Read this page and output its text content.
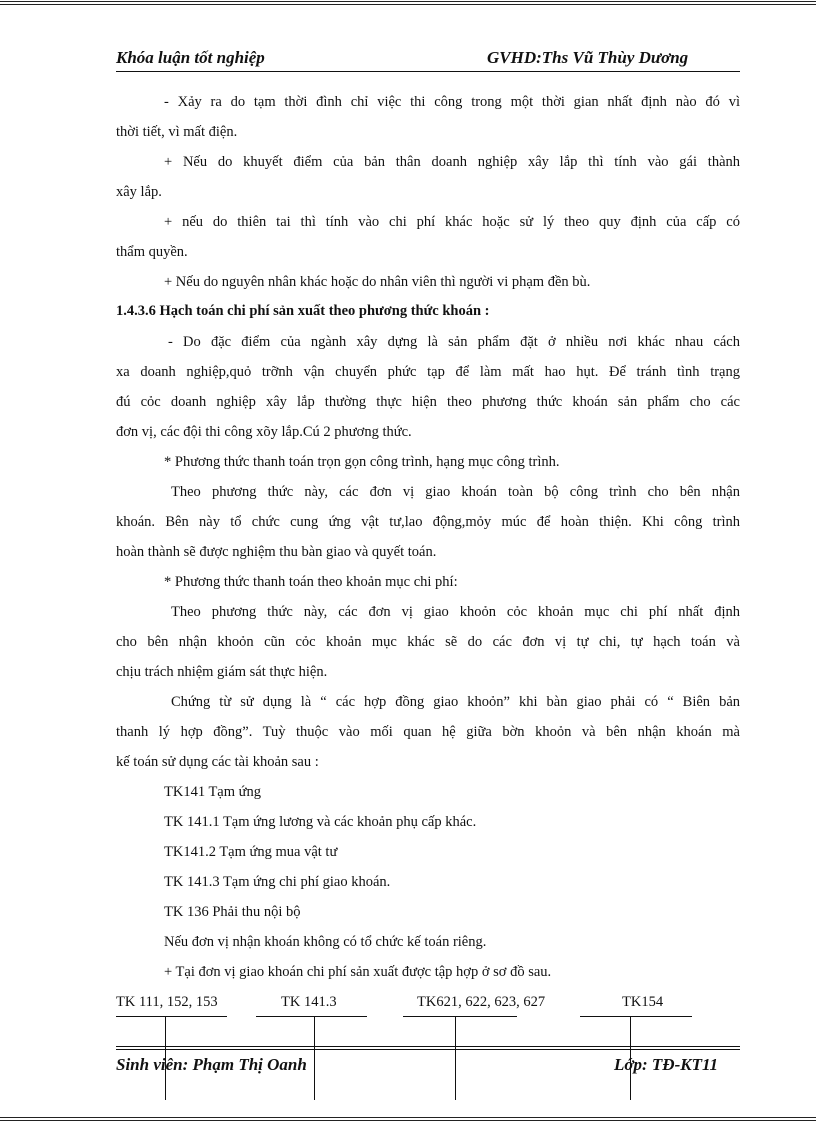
Khóa luận tốt nghiệp	GVHD:Ths Vũ Thùy Dương
- Xảy ra do tạm thời đình chỉ việc thi công trong một thời gian nhất định nào đó vì
thời tiết, vì mất điện.
+ Nếu do khuyết điểm của bản thân doanh nghiệp xây lắp thì tính vào gái thành
xây lắp.
+ nếu do thiên tai thì tính vào chi phí khác hoặc sử lý theo quy định của cấp có
thẩm quyền.
+ Nếu do nguyên nhân khác hoặc do nhân viên thì người vi phạm đền bù.
1.4.3.6 Hạch toán chi phí sản xuất theo phương thức khoán :
- Do đặc điểm của ngành xây dựng là sản phẩm đặt ở nhiều nơi khác nhau cách
xa doanh nghiệp,quỏ trỡnh vận chuyển phức tạp để làm mất hao hụt. Để tránh tình trạng
đú cỏc doanh nghiệp xây lắp thường thực hiện theo phương thức khoán sản phẩm cho các
đơn vị, các đội thi công xõy lắp.Cú 2 phương thức.
* Phương thức thanh toán trọn gọn công trình, hạng mục công trình.
Theo phương thức này, các đơn vị giao khoán toàn bộ công trình cho bên nhận
khoán. Bên này tổ chức cung ứng vật tư,lao động,mỏy múc để hoàn thiện. Khi công trình
hoàn thành sẽ được nghiệm thu bàn giao và quyết toán.
* Phương thức thanh toán theo khoản mục chi phí:
Theo phương thức này, các đơn vị giao khoỏn cỏc khoản mục chi phí nhất định
cho bên nhận khoỏn cũn cỏc khoản mục khác sẽ do các đơn vị tự chi, tự hạch toán và
chịu trách nhiệm giám sát thực hiện.
Chứng từ sử dụng là “ các hợp đồng giao khoỏn” khi bàn giao phải có “ Biên bản
thanh lý hợp đồng”. Tuỳ thuộc vào mối quan hệ giữa bờn khoỏn và bên nhận khoán mà
kế toán sử dụng các tài khoản sau :
TK141 Tạm ứng
TK 141.1 Tạm ứng lương và các khoản phụ cấp khác.
TK141.2 Tạm ứng mua vật tư
TK 141.3 Tạm ứng chi phí giao khoán.
TK 136 Phải thu nội bộ
Nếu đơn vị nhận khoán không có tổ chức kế toán riêng.
+ Tại đơn vị giao khoán chi phí sản xuất được tập hợp ở sơ đồ sau.
TK 111, 152, 153	TK 141.3	TK621, 622, 623, 627	TK154
Sinh viên: Phạm Thị Oanh	Lớp: TĐ-KT11
